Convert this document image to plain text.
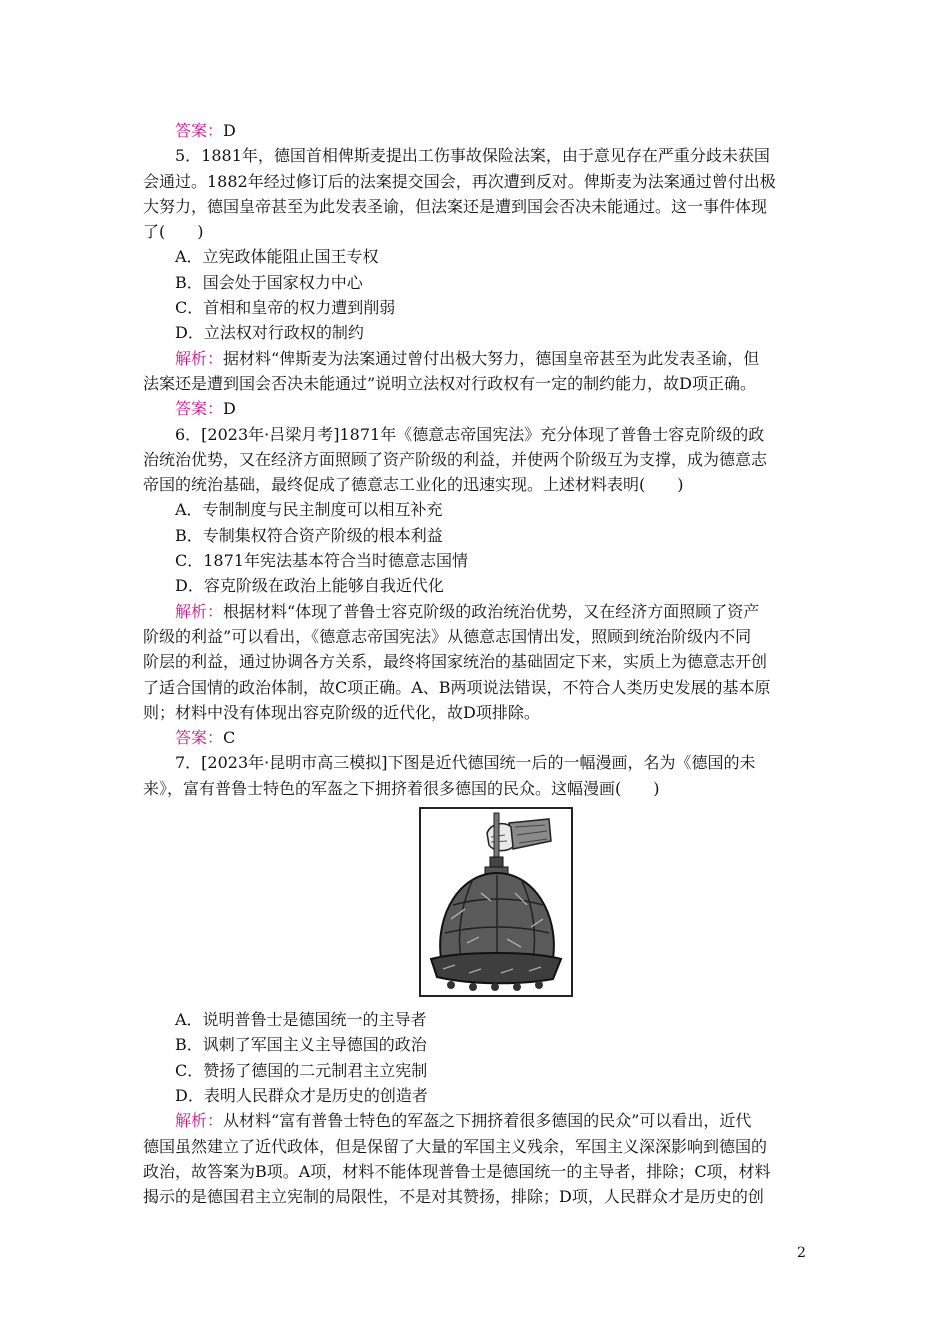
答案：D
5．1881年，德国首相俾斯麦提出工伤事故保险法案，由于意见存在严重分歧未获国
会通过。1882年经过修订后的法案提交国会，再次遭到反对。俾斯麦为法案通过曾付出极
大努力，德国皇帝甚至为此发表圣谕，但法案还是遭到国会否决未能通过。这一事件体现
了(　　)
A．立宪政体能阻止国王专权
B．国会处于国家权力中心
C．首相和皇帝的权力遭到削弱
D．立法权对行政权的制约
解析：据材料“俾斯麦为法案通过曾付出极大努力，德国皇帝甚至为此发表圣谕，但
法案还是遭到国会否决未能通过”说明立法权对行政权有一定的制约能力，故D项正确。
答案：D
6．[2023年·吕梁月考]1871年《德意志帝国宪法》充分体现了普鲁士容克阶级的政
治统治优势，又在经济方面照顾了资产阶级的利益，并使两个阶级互为支撑，成为德意志
帝国的统治基础，最终促成了德意志工业化的迅速实现。上述材料表明(　　)
A．专制制度与民主制度可以相互补充
B．专制集权符合资产阶级的根本利益
C．1871年宪法基本符合当时德意志国情
D．容克阶级在政治上能够自我近代化
解析：根据材料“体现了普鲁士容克阶级的政治统治优势，又在经济方面照顾了资产
阶级的利益”可以看出，《德意志帝国宪法》从德意志国情出发，照顾到统治阶级内不同
阶层的利益，通过协调各方关系，最终将国家统治的基础固定下来，实质上为德意志开创
了适合国情的政治体制，故C项正确。A、B两项说法错误，不符合人类历史发展的基本原
则；材料中没有体现出容克阶级的近代化，故D项排除。
答案：C
7．[2023年·昆明市高三模拟]下图是近代德国统一后的一幅漫画，名为《德国的未
来》，富有普鲁士特色的军盔之下拥挤着很多德国的民众。这幅漫画(　　)
A．说明普鲁士是德国统一的主导者
B．讽刺了军国主义主导德国的政治
C．赞扬了德国的二元制君主立宪制
D．表明人民群众才是历史的创造者
解析：从材料“富有普鲁士特色的军盔之下拥挤着很多德国的民众”可以看出，近代
德国虽然建立了近代政体，但是保留了大量的军国主义残余，军国主义深深影响到德国的
政治，故答案为B项。A项，材料不能体现普鲁士是德国统一的主导者，排除；C项，材料
揭示的是德国君主立宪制的局限性，不是对其赞扬，排除；D项，人民群众才是历史的创
2
